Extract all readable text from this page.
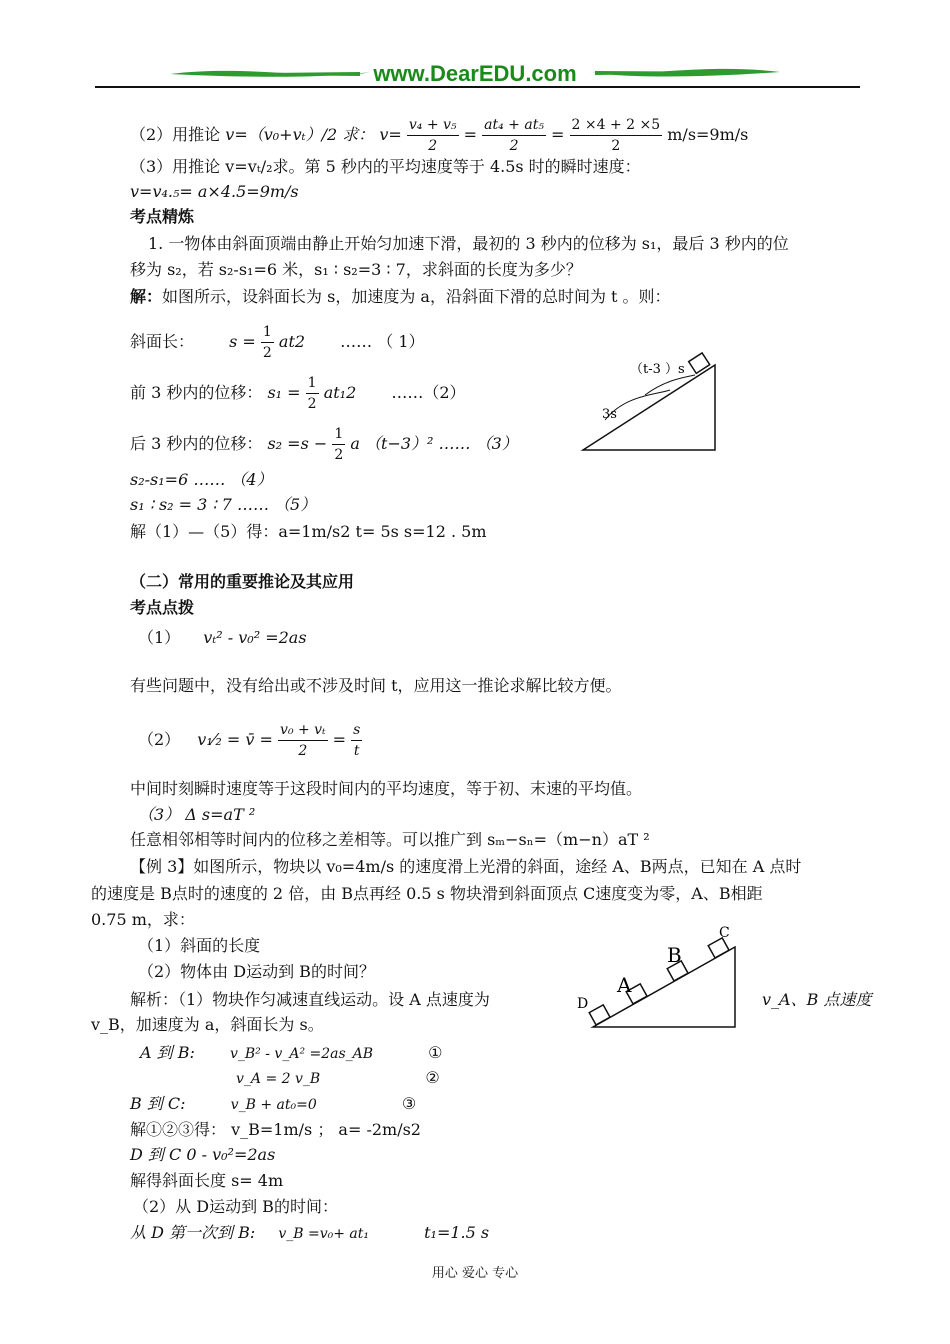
www.DearEDU.com
（2）用推论 v=（v₀+vₜ）/2 求： $v= \frac{\text{v₄ + v₅}}{2} = \frac{\text{at₄ + at₅}}{2} = \frac{2 \times 4 + 2 \times 5}{2} m/s=9m/s$
（3）用推论 v=vₜ/₂求。第 5 秒内的平均速度等于 4.5s 时的瞬时速度：
v=v₄.₅= a×4.5=9m/s
考点精炼
1. 一物体由斜面顶端由静止开始匀加速下滑，最初的 3 秒内的位移为 s₁，最后 3 秒内的位
移为 s₂，若 s₂-s₁=6 米，s₁ ∶ s₂=3 ∶ 7，求斜面的长度为多少？
解：如图所示，设斜面长为 s，加速度为 a，沿斜面下滑的总时间为 t 。则：
斜面长： $s = \frac{1}{2} at2$ …… （ 1）
前 3 秒内的位移： $s_1 = \frac{1}{2} at_12$ ……（2）
后 3 秒内的位移： $s_2 =s - \frac{1}{2}$ a （t−3）² …… （3）
s₂-s₁=6 …… （4）
s₁ ∶ s₂ = 3 ∶ 7 …… （5）
解（1）—（5）得：a=1m/s2 t= 5s s=12 . 5m
（t-3 ）s
3s
（二）常用的重要推论及其应用
考点点拨
（1） vₜ² - v₀² =2as
有些问题中，没有给出或不涉及时间 t，应用这一推论求解比较方便。
（2） v₁⁄₂ = v̄ = $\frac{\text{v₀ + vₜ}}{2} = \frac{s}{t}$
中间时刻瞬时速度等于这段时间内的平均速度，等于初、末速的平均值。
（3） Δ s=aT ²
任意相邻相等时间内的位移之差相等。可以推广到 sₘ−sₙ=（m−n）aT ²
【例 3】如图所示，物块以 v₀=4m/s 的速度滑上光滑的斜面，途经 A、B两点，已知在 A 点时
的速度是 B点时的速度的 2 倍，由 B点再经 0.5 s 物块滑到斜面顶点 C速度变为零，A、B相距
0.75 m，求：
（1）斜面的长度
（2）物体由 D运动到 B的时间？
解析：（1）物块作匀减速直线运动。设 A 点速度为	v_A、B 点速度
v_B，加速度为 a，斜面长为 s。
C
B
A
D
A 到 B:	v_B² - v_A² =2as_AB	①
v_A = 2 v_B	②
B 到 C:	v_B + at₀=0	③
解①②③得： v_B=1m/s ； a= -2m/s2
D 到 C 0 - v₀²=2as
解得斜面长度 s= 4m
（2）从 D运动到 B的时间：
从 D 第一次到 B: v_B =v₀+ at₁	t₁=1.5 s
用心 爱心 专心
